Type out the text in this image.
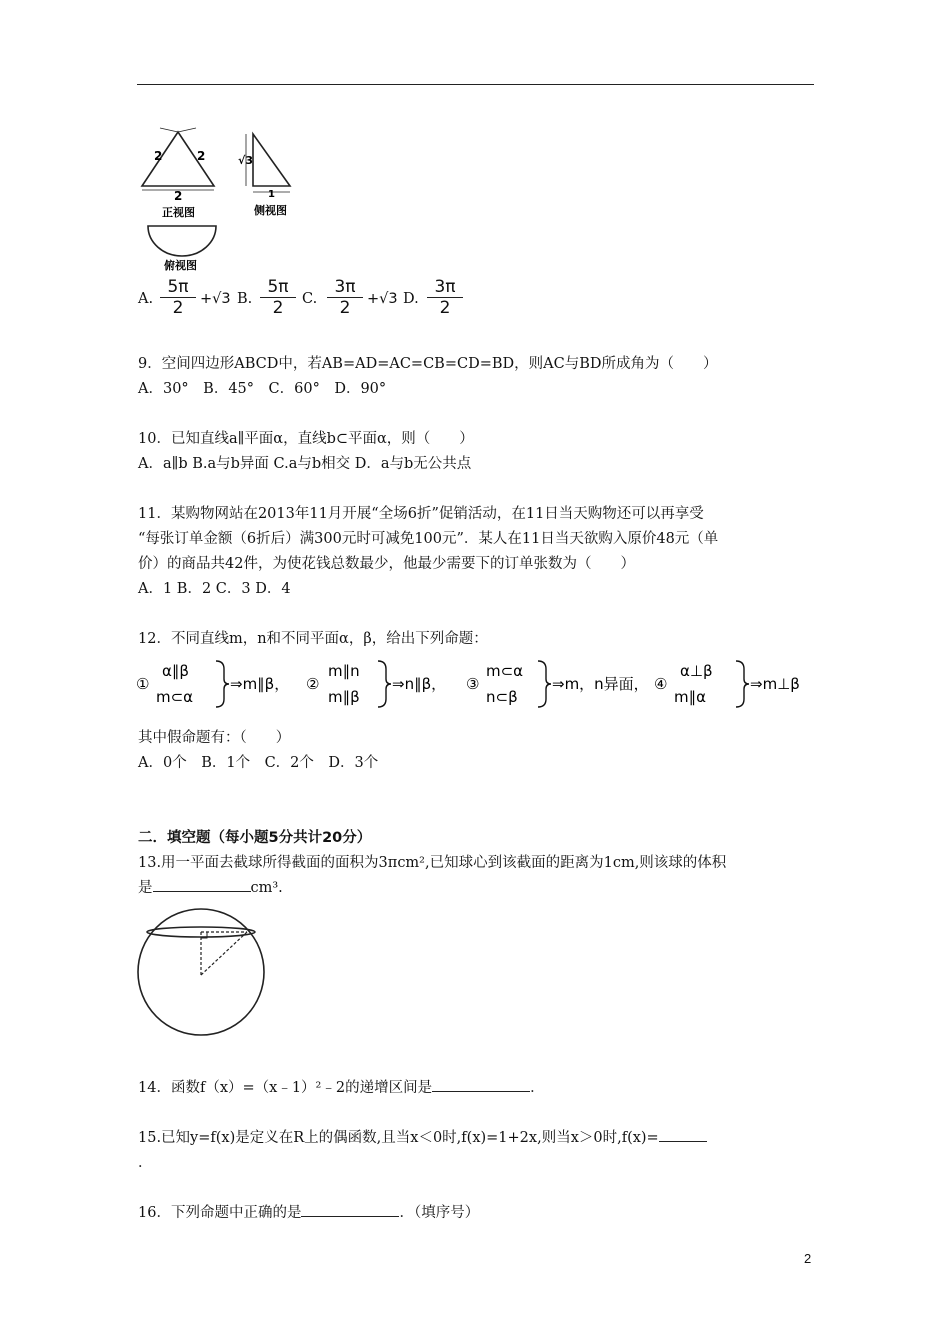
2	2
2
正视图
√3
1
侧视图
俯视图
A. $\frac{5\pi}{2} +√3$ B. $\frac{5\pi}{2} C$. $\frac{3\pi}{2} +√3$ D. $\frac{3\pi}{2}$
9．空间四边形ABCD中，若AB=AD=AC=CB=CD=BD，则AC与BD所成角为（　　）
A．30°　B．45°　C．60°　D．90°
10．已知直线a∥平面α，直线b⊂平面α，则（　　）
A．a∥b B.a与b异面 C.a与b相交 D．a与b无公共点
11．某购物网站在2013年11月开展“全场6折”促销活动，在11日当天购物还可以再享受
“每张订单金额（6折后）满300元时可减免100元”．某人在11日当天欲购入原价48元（单
价）的商品共42件，为使花钱总数最少，他最少需要下的订单张数为（　　）
A．1 B．2 C．3 D．4
12．不同直线m，n和不同平面α，β，给出下列命题：
①
α∥β
m⊂α
⇒m∥β， ②
m∥n
m∥β
⇒n∥β， ③
m⊂α
n⊂β
⇒m，n异面， ④
α⊥β
m∥α
⇒m⊥β
其中假命题有：（　　）
A．0个　B．1个　C．2个　D．3个
二．填空题（每小题5分共计20分）
13.用一平面去截球所得截面的面积为3πcm²,已知球心到该截面的距离为1cm,则该球的体积
是	cm³.
14．函数f（x）=（x﹣1）²﹣2的递增区间是	．
15.已知y=f(x)是定义在R上的偶函数,且当x＜0时,f(x)=1+2x,则当x＞0时,f(x)=
．
16．下列命题中正确的是	．（填序号）
2
